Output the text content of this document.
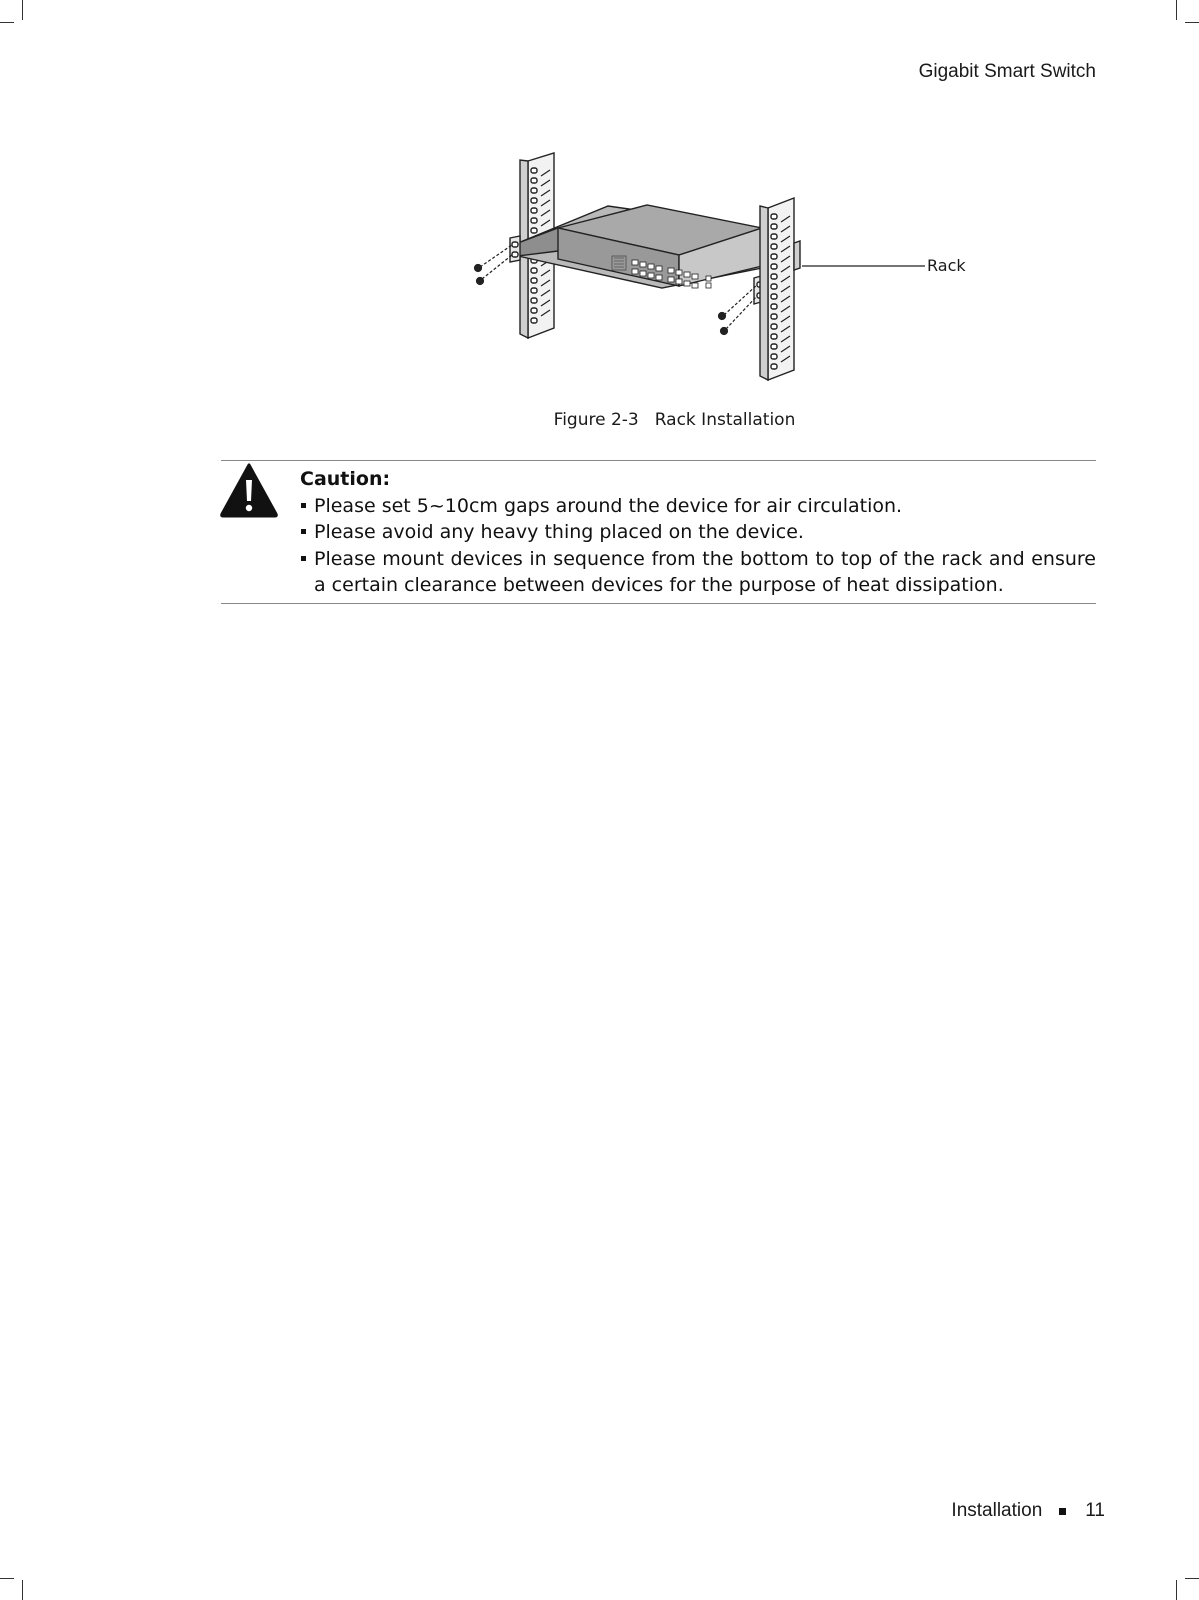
Gigabit Smart Switch
Rack
Figure 2-3 Rack Installation
Caution:
Please set 5~10cm gaps around the device for air circulation.
Please avoid any heavy thing placed on the device.
Please mount devices in sequence from the bottom to top of the rack and ensure a certain clearance between devices for the purpose of heat dissipation.
Installation 11
